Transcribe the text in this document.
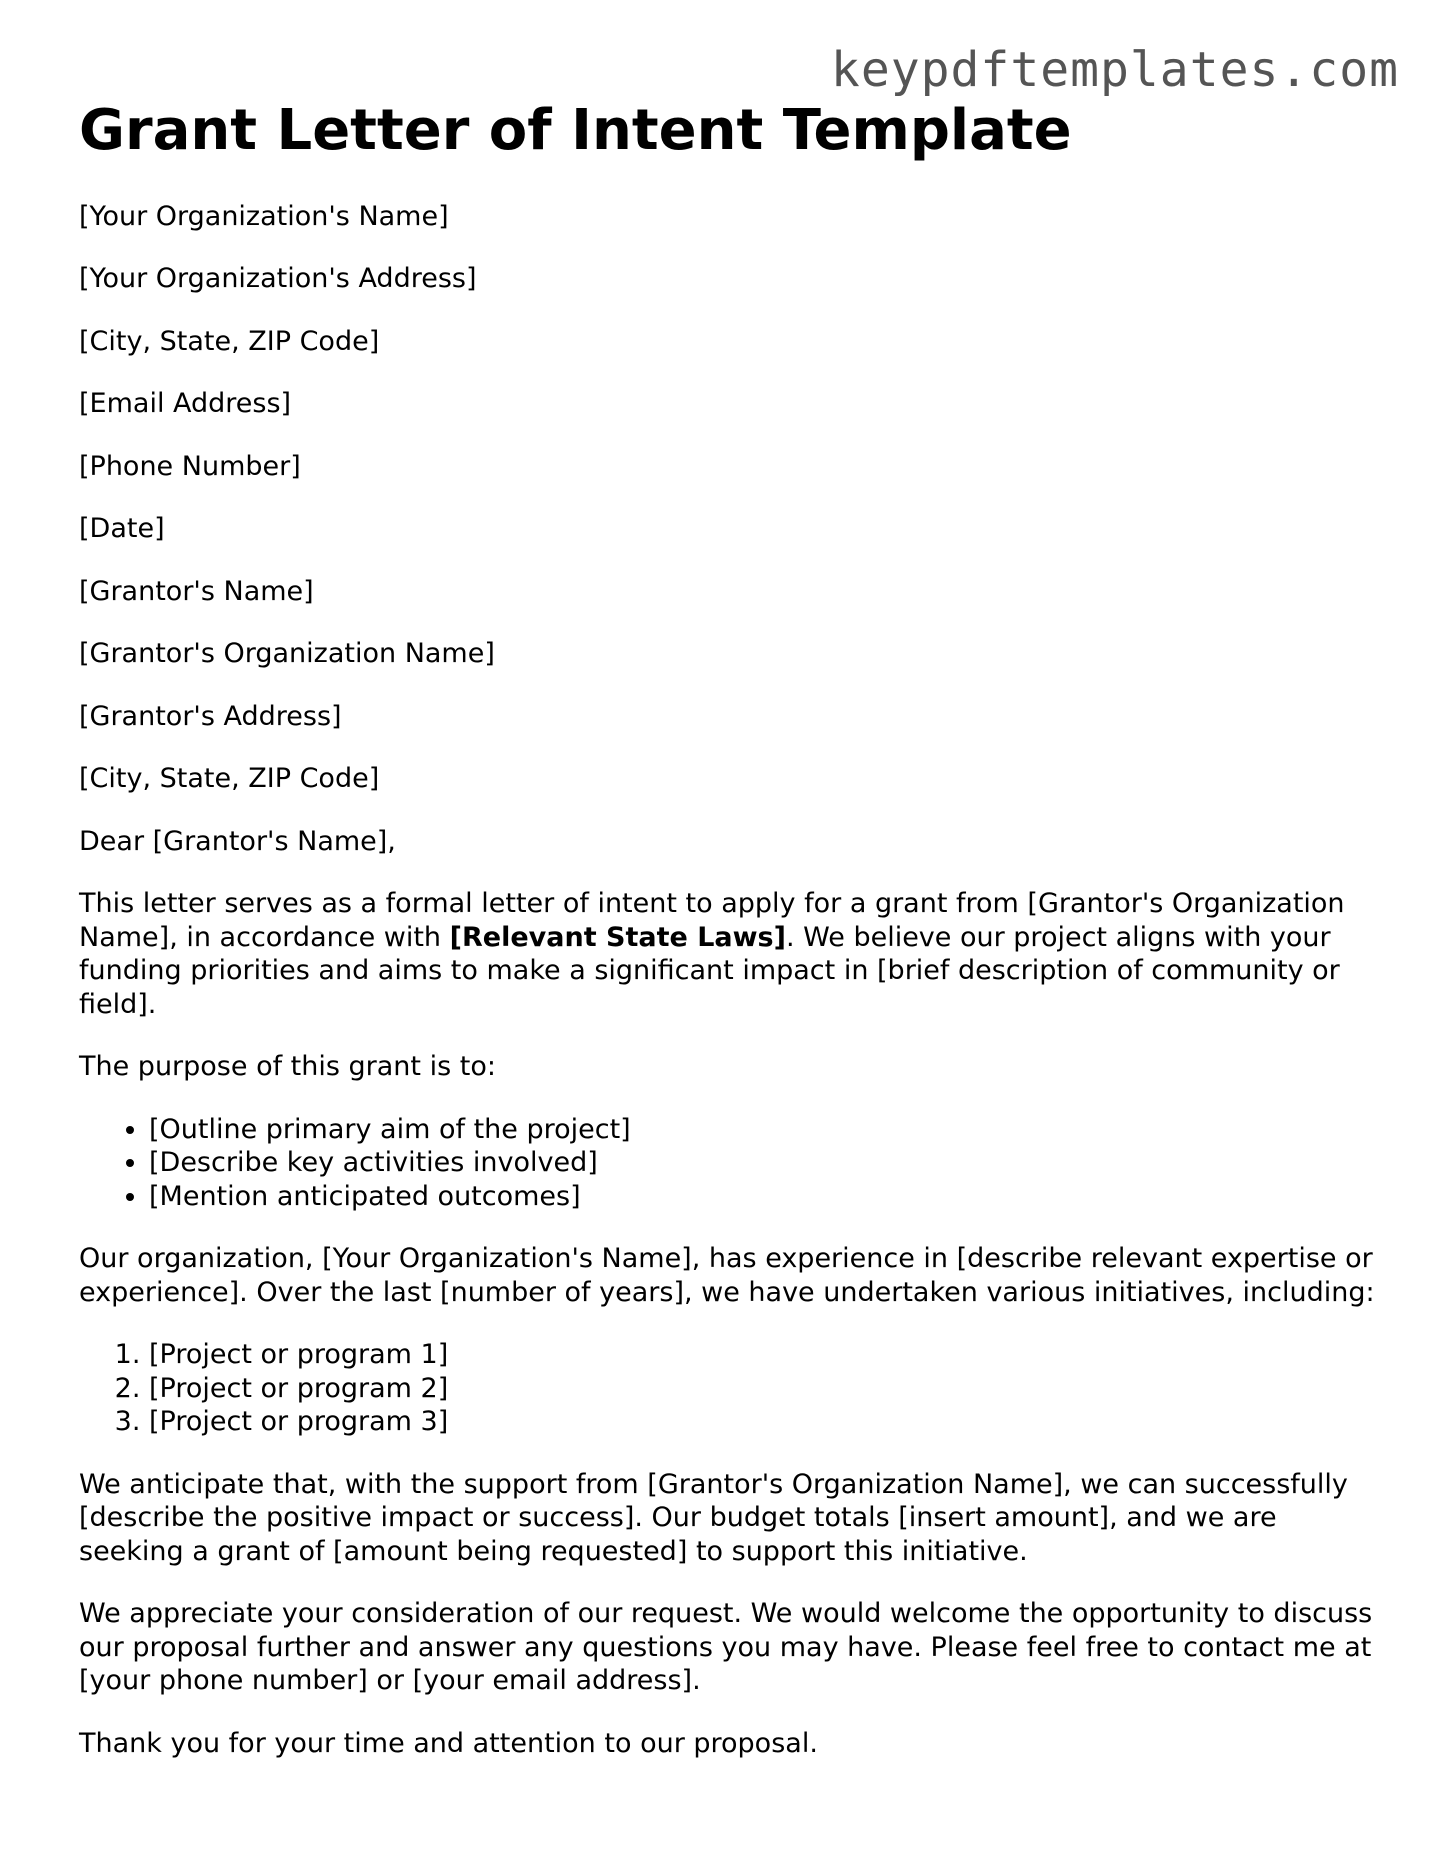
keypdftemplates.com
Grant Letter of Intent Template

[Your Organization's Name]

[Your Organization's Address]

[City, State, ZIP Code]

[Email Address]

[Phone Number]

[Date]

[Grantor's Name]

[Grantor's Organization Name]

[Grantor's Address]

[City, State, ZIP Code]

Dear [Grantor's Name],

This letter serves as a formal letter of intent to apply for a grant from [Grantor's Organization Name], in accordance with [Relevant State Laws]. We believe our project aligns with your funding priorities and aims to make a significant impact in [brief description of community or field].

The purpose of this grant is to:

• [Outline primary aim of the project]
• [Describe key activities involved]
• [Mention anticipated outcomes]

Our organization, [Your Organization's Name], has experience in [describe relevant expertise or experience]. Over the last [number of years], we have undertaken various initiatives, including:

1. [Project or program 1]
2. [Project or program 2]
3. [Project or program 3]

We anticipate that, with the support from [Grantor's Organization Name], we can successfully [describe the positive impact or success]. Our budget totals [insert amount], and we are seeking a grant of [amount being requested] to support this initiative.

We appreciate your consideration of our request. We would welcome the opportunity to discuss our proposal further and answer any questions you may have. Please feel free to contact me at [your phone number] or [your email address].

Thank you for your time and attention to our proposal.
